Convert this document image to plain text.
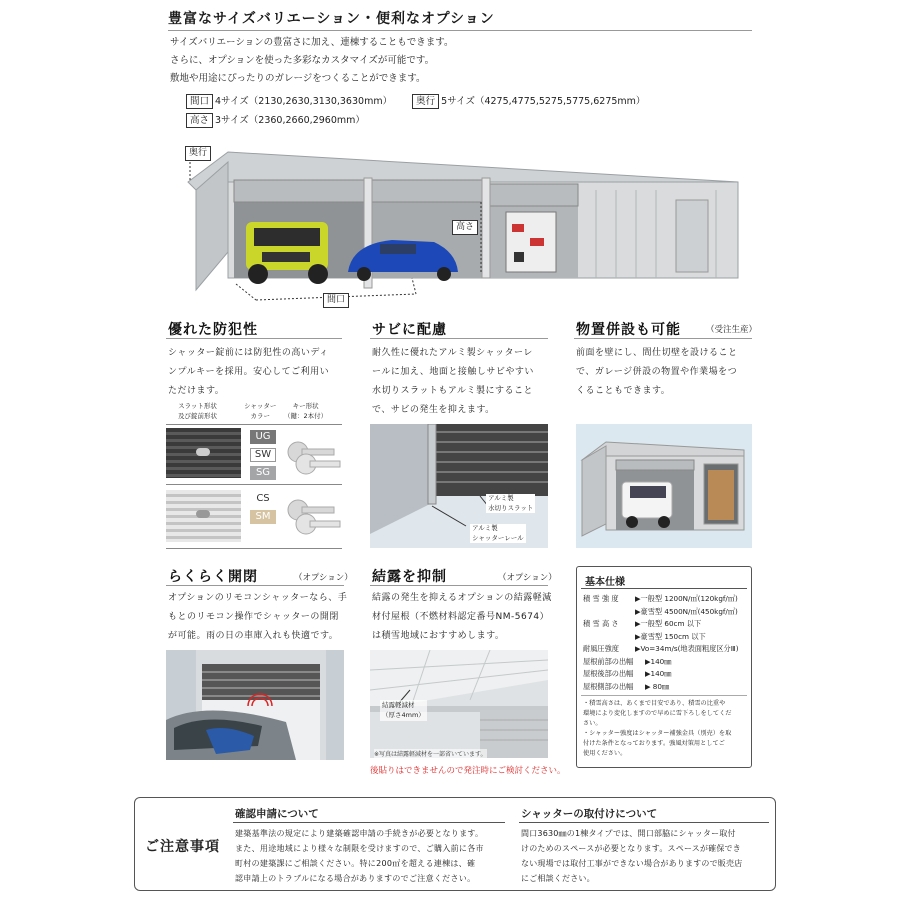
豊富なサイズバリエーション・便利なオプション
サイズバリエーションの豊富さに加え、連棟することもできます。
さらに、オプションを使った多彩なカスタマイズが可能です。
敷地や用途にぴったりのガレージをつくることができます。
間口 4サイズ（2130,2630,3130,3630mm）	奥行 5サイズ（4275,4775,5275,5775,6275mm）
高さ 3サイズ（2360,2660,2960mm）
奥行
高さ
間口
優れた防犯性
シャッター錠前には防犯性の高いディ
ンプルキーを採用。安心してご利用い
ただけます。
スラット形状
及び錠前形状
シャッター
カラー
キー形状
（鍵：2本付）
UG
SW
SG
CS
SM
サビに配慮
耐久性に優れたアルミ製シャッターレ
ールに加え、地面と接触しサビやすい
水切りスラットもアルミ製にすること
で、サビの発生を抑えます。
アルミ製
水切りスラット
アルミ製
シャッターレール
物置併設も可能	（受注生産）
前面を壁にし、間仕切壁を設けること
で、ガレージ併設の物置や作業場をつ
くることもできます。
らくらく開閉	（オプション）
オプションのリモコンシャッターなら、手
もとのリモコン操作でシャッターの開閉
が可能。雨の日の車庫入れも快適です。
結露を抑制	（オプション）
結露の発生を抑えるオプションの結露軽減
材付屋根（不燃材料認定番号NM-5674）
は積雪地域におすすめします。
結露軽減材
（厚さ4mm）
※写真は結露軽減材を一部省いています。
後貼りはできませんので発注時にご検討ください。
基本仕様
積 雪 強 度 ▶一般型 1200N/㎡(120kgf/㎡)
▶豪雪型 4500N/㎡(450kgf/㎡)
積 雪 高 さ ▶一般型 60cm 以下
▶豪雪型 150cm 以下
耐風圧強度 ▶Vo=34m/s(地表面粗度区分Ⅲ)
屋根前部の出幅 ▶140㎜
屋根後部の出幅 ▶140㎜
屋根側部の出幅 ▶ 80㎜
・積雪高さは、あくまで目安であり、積雪の比重や
環境により変化しますので早めに雪下ろしをしてくだ
さい。
・シャッター強度はシャッター補強金具（別売）を取
付けた条件となっております。強風対策用としてご
使用ください。
ご注意事項
確認申請について
建築基準法の規定により建築確認申請の手続きが必要となります。
また、用途地域により様々な制限を受けますので、ご購入前に各市
町村の建築課にご相談ください。特に200㎡を超える連棟は、確
認申請上のトラブルになる場合がありますのでご注意ください。
シャッターの取付けについて
間口3630㎜の1棟タイプでは、開口部脇にシャッター取付
けのためのスペースが必要となります。スペースが確保でき
ない現場では取付工事ができない場合がありますので販売店
にご相談ください。
